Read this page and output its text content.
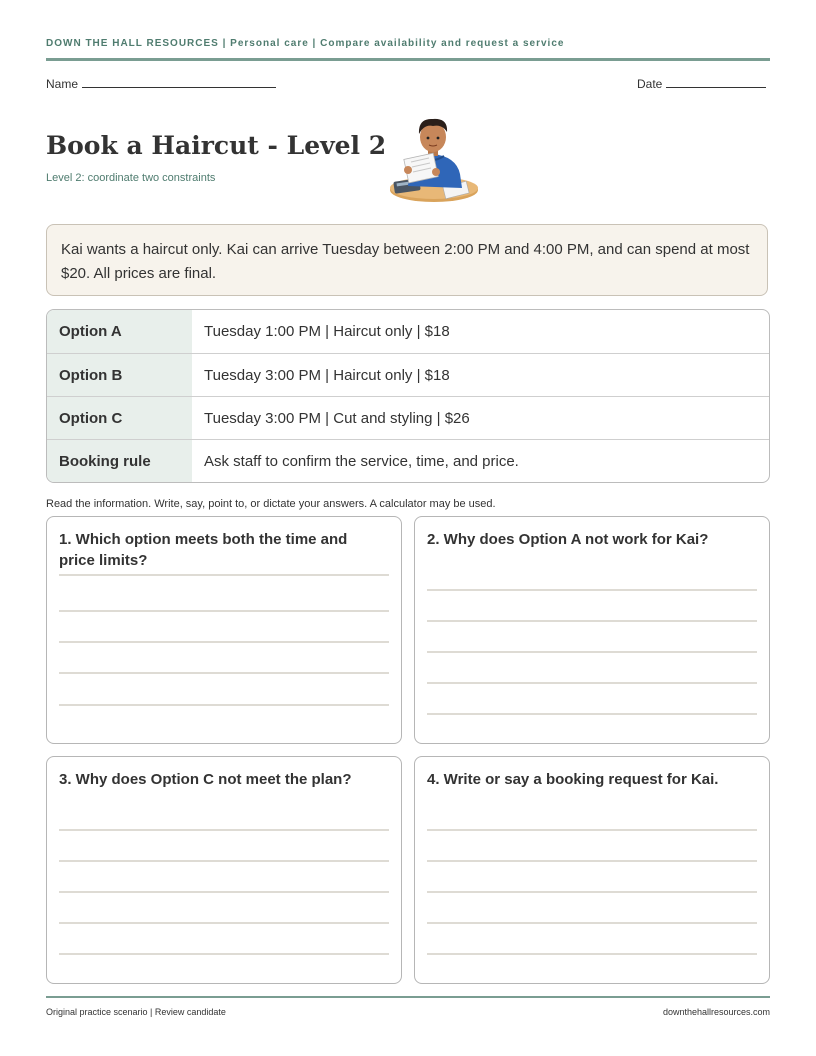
DOWN THE HALL RESOURCES | Personal care | Compare availability and request a service
Name	Date
Book a Haircut - Level 2
Level 2: coordinate two constraints
Kai wants a haircut only. Kai can arrive Tuesday between 2:00 PM and 4:00 PM, and can spend at most $20. All prices are final.
Option A	Tuesday 1:00 PM | Haircut only | $18
Option B	Tuesday 3:00 PM | Haircut only | $18
Option C	Tuesday 3:00 PM | Cut and styling | $26
Booking rule	Ask staff to confirm the service, time, and price.
Read the information. Write, say, point to, or dictate your answers. A calculator may be used.
1. Which option meets both the time and price limits?
2. Why does Option A not work for Kai?
3. Why does Option C not meet the plan?	4. Write or say a booking request for Kai.
Original practice scenario | Review candidate	downthehallresources.com
